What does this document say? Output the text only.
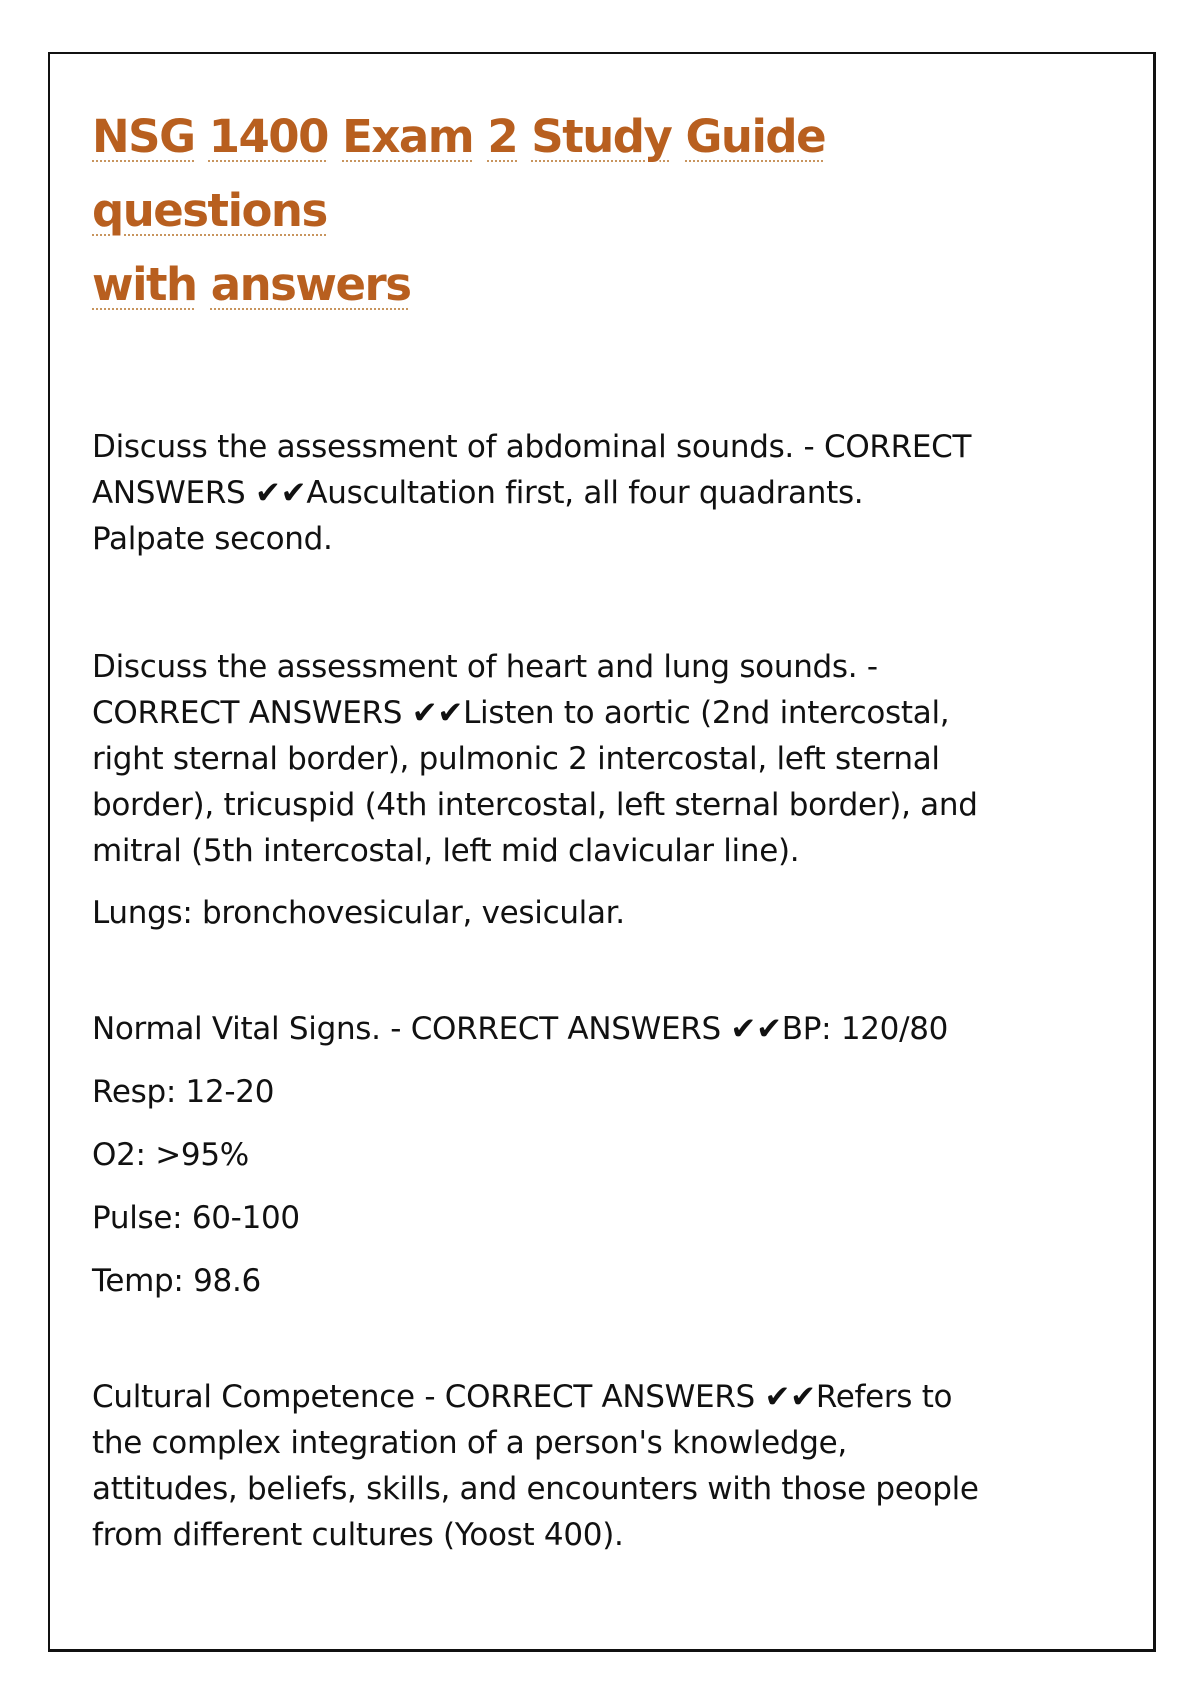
NSG 1400 Exam 2 Study Guide questions
with answers

Discuss the assessment of abdominal sounds. - CORRECT
ANSWERS ✔✔Auscultation first, all four quadrants.
Palpate second.

Discuss the assessment of heart and lung sounds. -
CORRECT ANSWERS ✔✔Listen to aortic (2nd intercostal,
right sternal border), pulmonic 2 intercostal, left sternal
border), tricuspid (4th intercostal, left sternal border), and
mitral (5th intercostal, left mid clavicular line).

Lungs: bronchovesicular, vesicular.

Normal Vital Signs. - CORRECT ANSWERS ✔✔BP: 120/80

Resp: 12-20

O2: >95%

Pulse: 60-100

Temp: 98.6

Cultural Competence - CORRECT ANSWERS ✔✔Refers to
the complex integration of a person's knowledge,
attitudes, beliefs, skills, and encounters with those people
from different cultures (Yoost 400).
